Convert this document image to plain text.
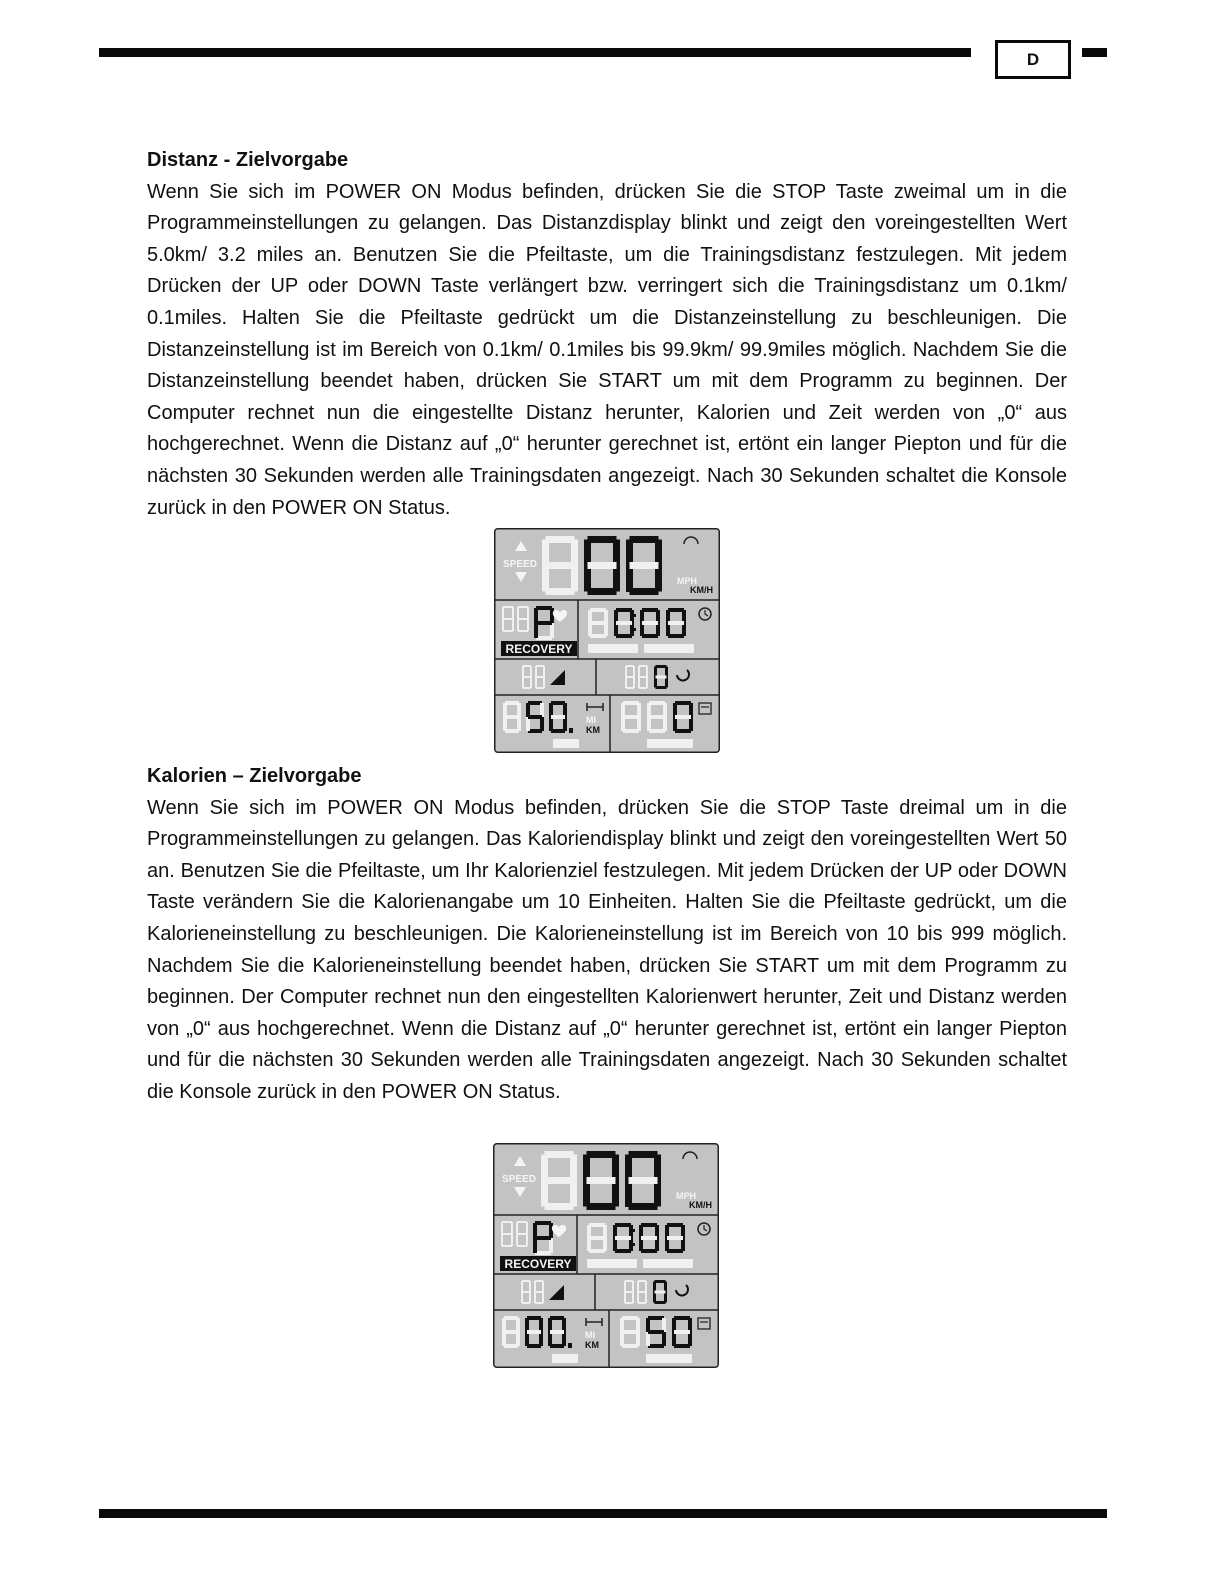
D
Distanz - Zielvorgabe

Wenn Sie sich im POWER ON Modus befinden, drücken Sie die STOP Taste zweimal um in die Programmeinstellungen zu gelangen. Das Distanzdisplay blinkt und zeigt den voreingestellten Wert 5.0km/ 3.2 miles an. Benutzen Sie die Pfeiltaste, um die Trainingsdistanz festzulegen. Mit jedem Drücken der UP oder DOWN Taste verlängert bzw. verringert sich die Trainingsdistanz um 0.1km/ 0.1miles. Halten Sie die Pfeiltaste gedrückt um die Distanzeinstellung zu beschleunigen. Die Distanzeinstellung ist im Bereich von 0.1km/ 0.1miles bis 99.9km/ 99.9miles möglich. Nachdem Sie die Distanzeinstellung beendet haben, drücken Sie START um mit dem Programm zu beginnen. Der Computer rechnet nun die eingestellte Distanz herunter, Kalorien und Zeit werden von „0“ aus hochgerechnet. Wenn die Distanz auf „0“ herunter gerechnet ist, ertönt ein langer Piepton und für die nächsten 30 Sekunden werden alle Trainingsdaten angezeigt. Nach 30 Sekunden schaltet die Konsole zurück in den POWER ON Status.

SPEED
MPH
KM/H
RECOVERY
MI
KM
Kalorien – Zielvorgabe

Wenn Sie sich im POWER ON Modus befinden, drücken Sie die STOP Taste dreimal um in die Programmeinstellungen zu gelangen. Das Kaloriendisplay blinkt und zeigt den voreingestellten Wert 50 an. Benutzen Sie die Pfeiltaste, um Ihr Kalorienziel festzulegen. Mit jedem Drücken der UP oder DOWN Taste verändern Sie die Kalorienangabe um 10 Einheiten. Halten Sie die Pfeiltaste gedrückt, um die Kalorieneinstellung zu beschleunigen. Die Kalorieneinstellung ist im Bereich von 10 bis 999 möglich. Nachdem Sie die Kalorieneinstellung beendet haben, drücken Sie START um mit dem Programm zu beginnen. Der Computer rechnet nun den eingestellten Kalorienwert herunter, Zeit und Distanz werden von „0“ aus hochgerechnet. Wenn die Distanz auf „0“ herunter gerechnet ist, ertönt ein langer Piepton und für die nächsten 30 Sekunden werden alle Trainingsdaten angezeigt. Nach 30 Sekunden schaltet die Konsole zurück in den POWER ON Status.

SPEED
MPH
KM/H
RECOVERY
MI
KM
